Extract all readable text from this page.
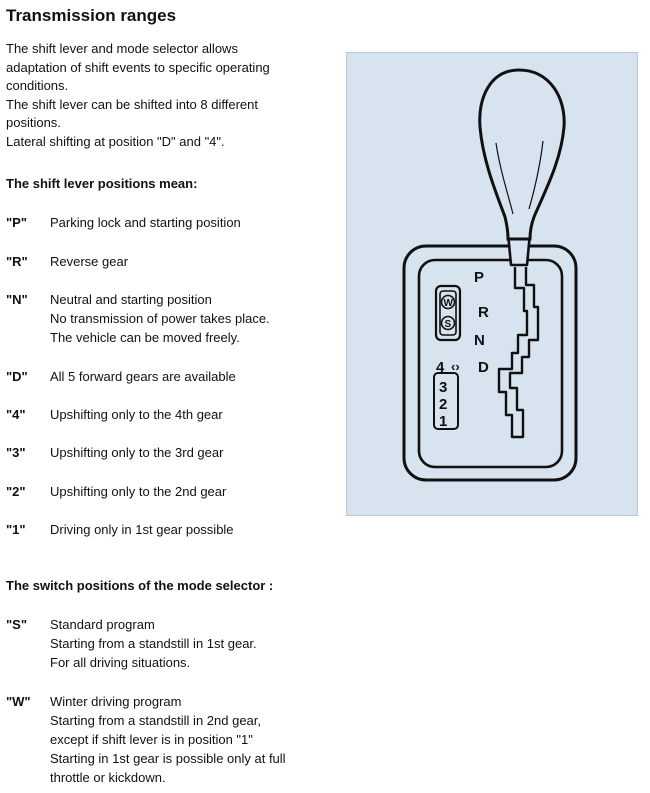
Transmission ranges
The shift lever and mode selector allows
adaptation of shift events to specific operating
conditions.
The shift lever can be shifted into 8 different
positions.
Lateral shifting at position "D" and "4".
The shift lever positions mean:
"P" Parking lock and starting position
"R" Reverse gear
"N" Neutral and starting position
No transmission of power takes place.
The vehicle can be moved freely.
"D" All 5 forward gears are available
"4" Upshifting only to the 4th gear
"3" Upshifting only to the 3rd gear
"2" Upshifting only to the 2nd gear
"1" Driving only in 1st gear possible
The switch positions of the mode selector :
"S" Standard program
Starting from a standstill in 1st gear.
For all driving situations.
"W" Winter driving program
Starting from a standstill in 2nd gear,
except if shift lever is in position "1"
Starting in 1st gear is possible only at full
throttle or kickdown.
P
R
N
D
4 ‹›
3
2
1
W
S
